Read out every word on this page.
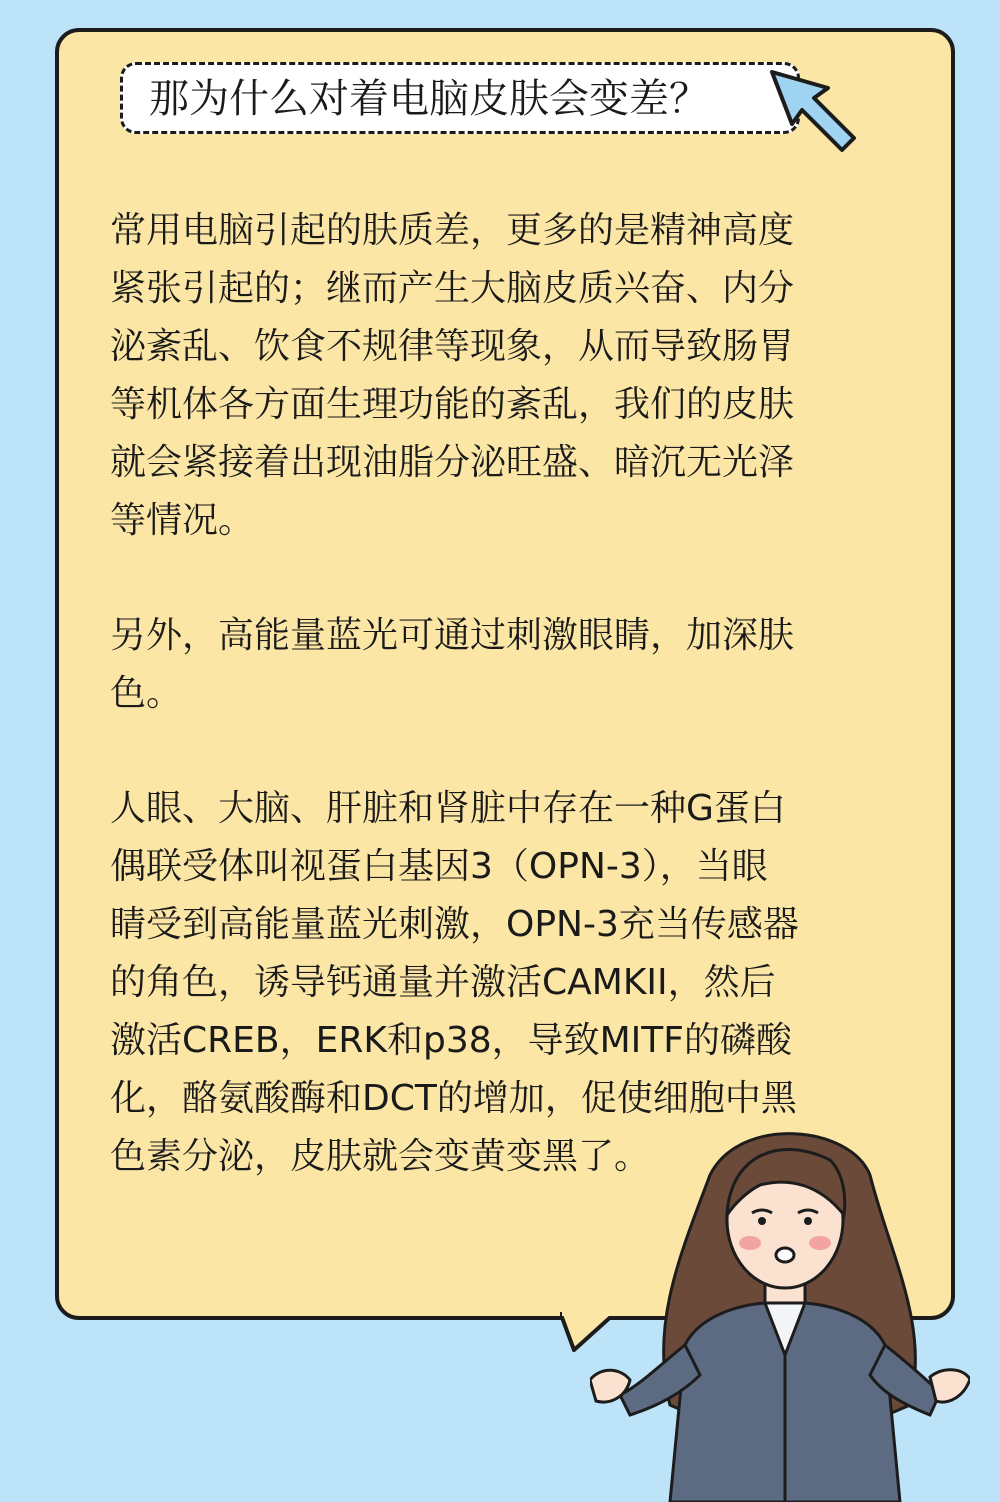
那为什么对着电脑皮肤会变差？

常用电脑引起的肤质差，更多的是精神高度
紧张引起的；继而产生大脑皮质兴奋、内分
泌紊乱、饮食不规律等现象，从而导致肠胃
等机体各方面生理功能的紊乱，我们的皮肤
就会紧接着出现油脂分泌旺盛、暗沉无光泽
等情况。

另外，高能量蓝光可通过刺激眼睛，加深肤
色。

人眼、大脑、肝脏和肾脏中存在一种G蛋白
偶联受体叫视蛋白基因3（OPN-3），当眼
睛受到高能量蓝光刺激，OPN-3充当传感器
的角色，诱导钙通量并激活CAMKII，然后
激活CREB，ERK和p38，导致MITF的磷酸
化，酪氨酸酶和DCT的增加，促使细胞中黑
色素分泌，皮肤就会变黄变黑了。
